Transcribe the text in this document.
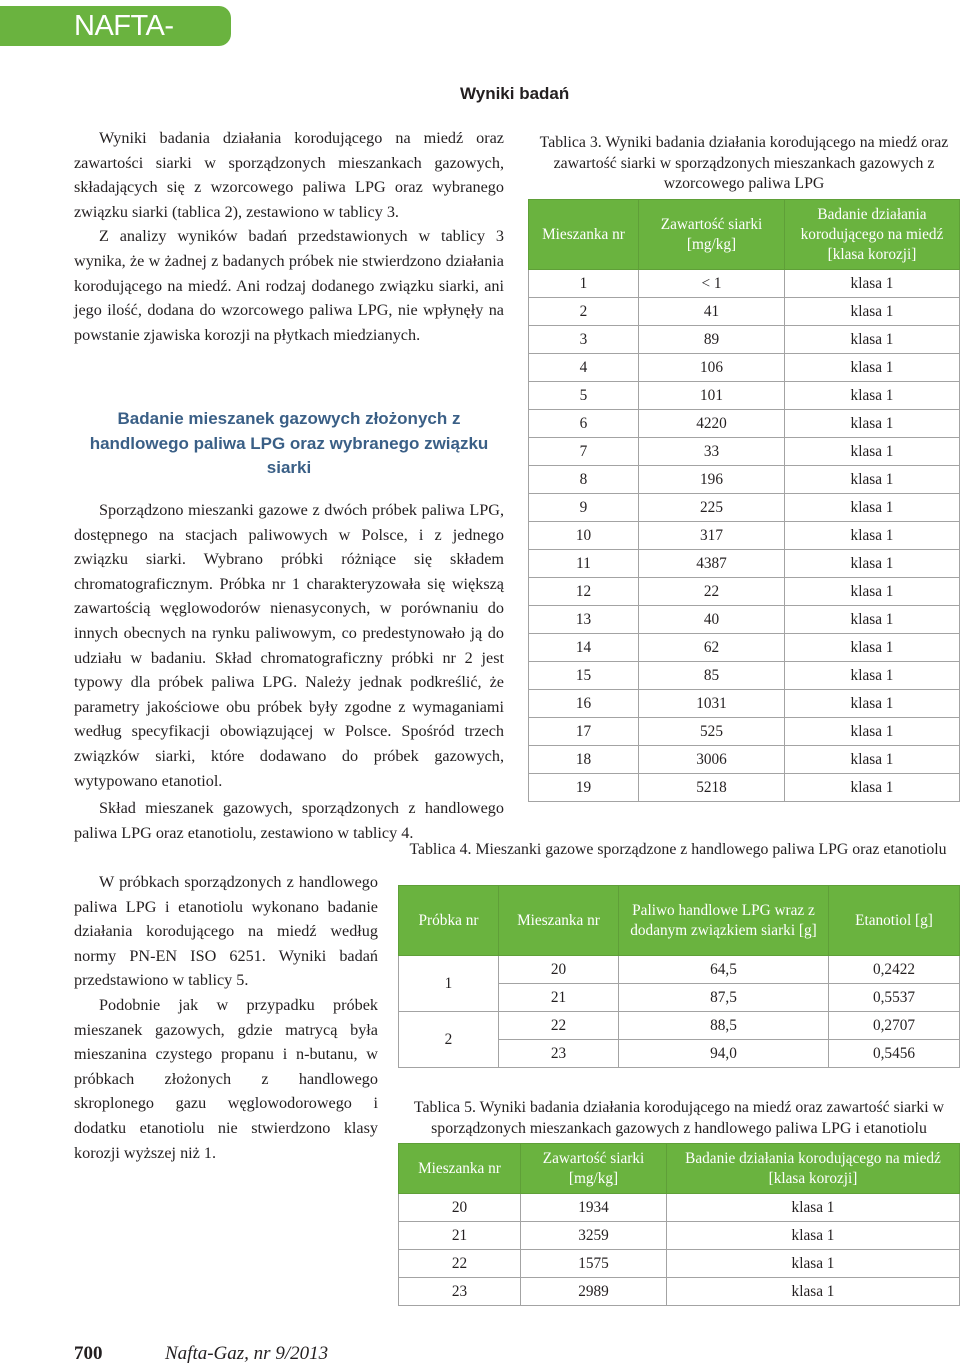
NAFTA-GAZ
Wyniki badań

Wyniki badania działania korodującego na miedź oraz zawartości siarki w sporządzonych mieszankach gazowych, składających się z wzorcowego paliwa LPG oraz wybranego związku siarki (tablica 2), zestawiono w tablicy 3.

Z analizy wyników badań przedstawionych w tablicy 3 wynika, że w żadnej z badanych próbek nie stwierdzono działania korodującego na miedź. Ani rodzaj dodanego związku siarki, ani jego ilość, dodana do wzorcowego paliwa LPG, nie wpłynęły na powstanie zjawiska korozji na płytkach miedzianych.

Badanie mieszanek gazowych złożonych z handlowego paliwa LPG oraz wybranego związku siarki

Sporządzono mieszanki gazowe z dwóch próbek paliwa LPG, dostępnego na stacjach paliwowych w Polsce, i z jednego związku siarki. Wybrano próbki różniące się składem chromatograficznym. Próbka nr 1 charakteryzowała się większą zawartością węglowodorów nienasyconych, w porównaniu do innych obecnych na rynku paliwowym, co predestynowało ją do udziału w badaniu. Skład chromatograficzny próbki nr 2 jest typowy dla próbek paliwa LPG. Należy jednak podkreślić, że parametry jakościowe obu próbek były zgodne z wymaganiami według specyfikacji obowiązującej w Polsce. Spośród trzech związków siarki, które dodawano do próbek gazowych, wytypowano etanotiol.

Skład mieszanek gazowych, sporządzonych z handlowego paliwa LPG oraz etanotiolu, zestawiono w tablicy 4.

W próbkach sporządzonych z handlowego paliwa LPG i etanotiolu wykonano badanie działania korodującego na miedź według normy PN-EN ISO 6251. Wyniki badań przedstawiono w tablicy 5.

Podobnie jak w przypadku próbek mieszanek gazowych, gdzie matrycą była mieszanina czystego propanu i n-butanu, w próbkach złożonych z handlowego skroplonego gazu węglowodorowego i dodatku etanotiolu nie stwierdzono klasy korozji wyższej niż 1.

Tablica 3. Wyniki badania działania korodującego na miedź oraz zawartość siarki w sporządzonych mieszankach gazowych z wzorcowego paliwa LPG
Mieszanka nr	Zawartość siarki [mg/kg]	Badanie działania korodującego na miedź [klasa korozji]
1	< 1	klasa 1
2	41	klasa 1
3	89	klasa 1
4	106	klasa 1
5	101	klasa 1
6	4220	klasa 1
7	33	klasa 1
8	196	klasa 1
9	225	klasa 1
10	317	klasa 1
11	4387	klasa 1
12	22	klasa 1
13	40	klasa 1
14	62	klasa 1
15	85	klasa 1
16	1031	klasa 1
17	525	klasa 1
18	3006	klasa 1
19	5218	klasa 1
Tablica 4. Mieszanki gazowe sporządzone z handlowego paliwa LPG oraz etanotiolu
Próbka nr	Mieszanka nr	Paliwo handlowe LPG wraz z dodanym związkiem siarki [g]	Etanotiol [g]
1	20	64,5	0,2422
	21	87,5	0,5537
2	22	88,5	0,2707
	23	94,0	0,5456
Tablica 5. Wyniki badania działania korodującego na miedź oraz zawartość siarki w sporządzonych mieszankach gazowych z handlowego paliwa LPG i etanotiolu
Mieszanka nr	Zawartość siarki [mg/kg]	Badanie działania korodującego na miedź [klasa korozji]
20	1934	klasa 1
21	3259	klasa 1
22	1575	klasa 1
23	2989	klasa 1
700	Nafta-Gaz, nr 9/2013
